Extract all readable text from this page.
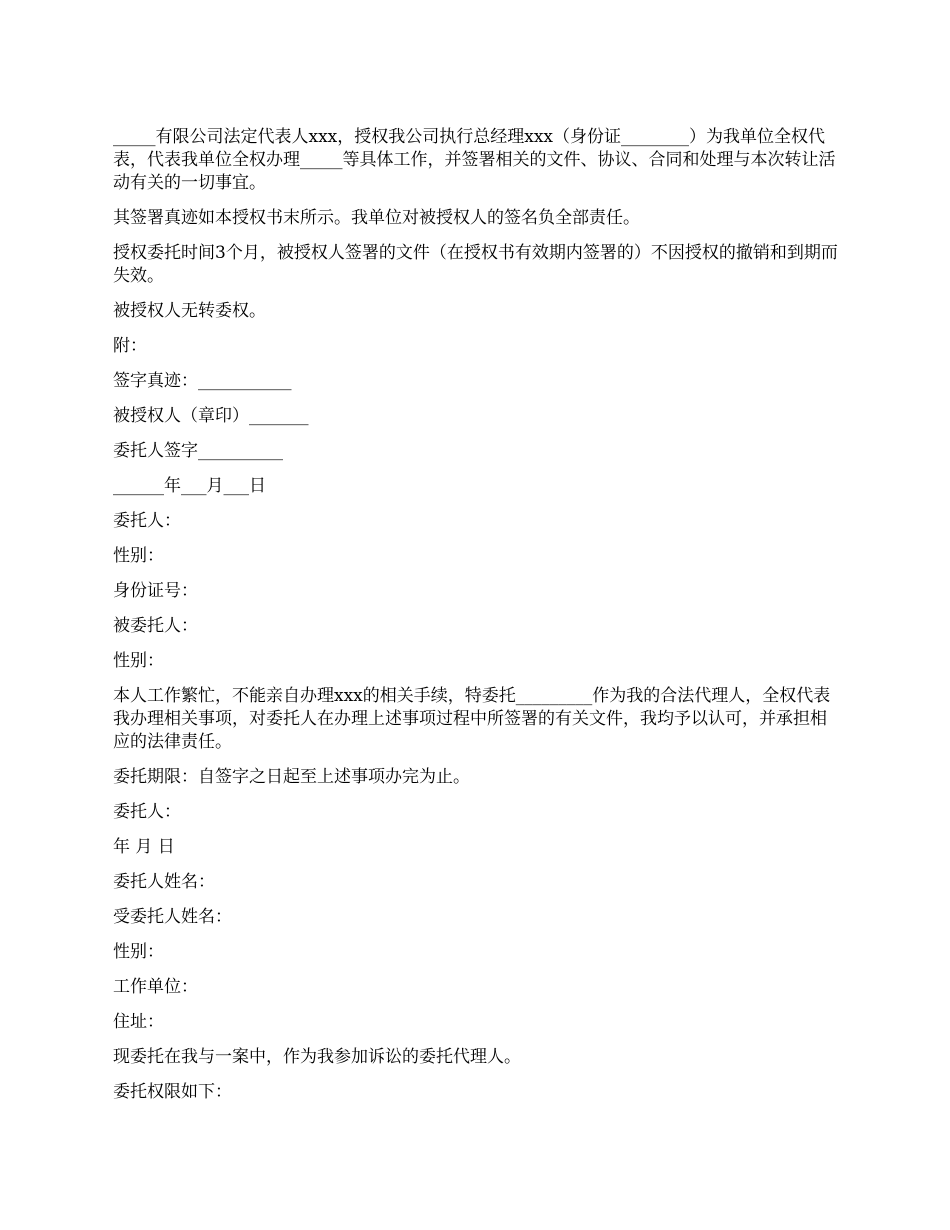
_____有限公司法定代表人xxx，授权我公司执行总经理xxx（身份证________）为我单位全权代表，代表我单位全权办理_____等具体工作，并签署相关的文件、协议、合同和处理与本次转让活动有关的一切事宜。

其签署真迹如本授权书末所示。我单位对被授权人的签名负全部责任。

授权委托时间3个月，被授权人签署的文件（在授权书有效期内签署的）不因授权的撤销和到期而失效。

被授权人无转委权。

附：

签字真迹：___________

被授权人（章印）_______

委托人签字__________

______年___月___日

委托人：

性别：

身份证号：

被委托人：

性别：

本人工作繁忙，不能亲自办理xxx的相关手续，特委托_________作为我的合法代理人，全权代表我办理相关事项，对委托人在办理上述事项过程中所签署的有关文件，我均予以认可，并承担相应的法律责任。

委托期限：自签字之日起至上述事项办完为止。

委托人：

年 月 日

委托人姓名：

受委托人姓名：

性别：

工作单位：

住址：

现委托在我与一案中，作为我参加诉讼的委托代理人。

委托权限如下：
